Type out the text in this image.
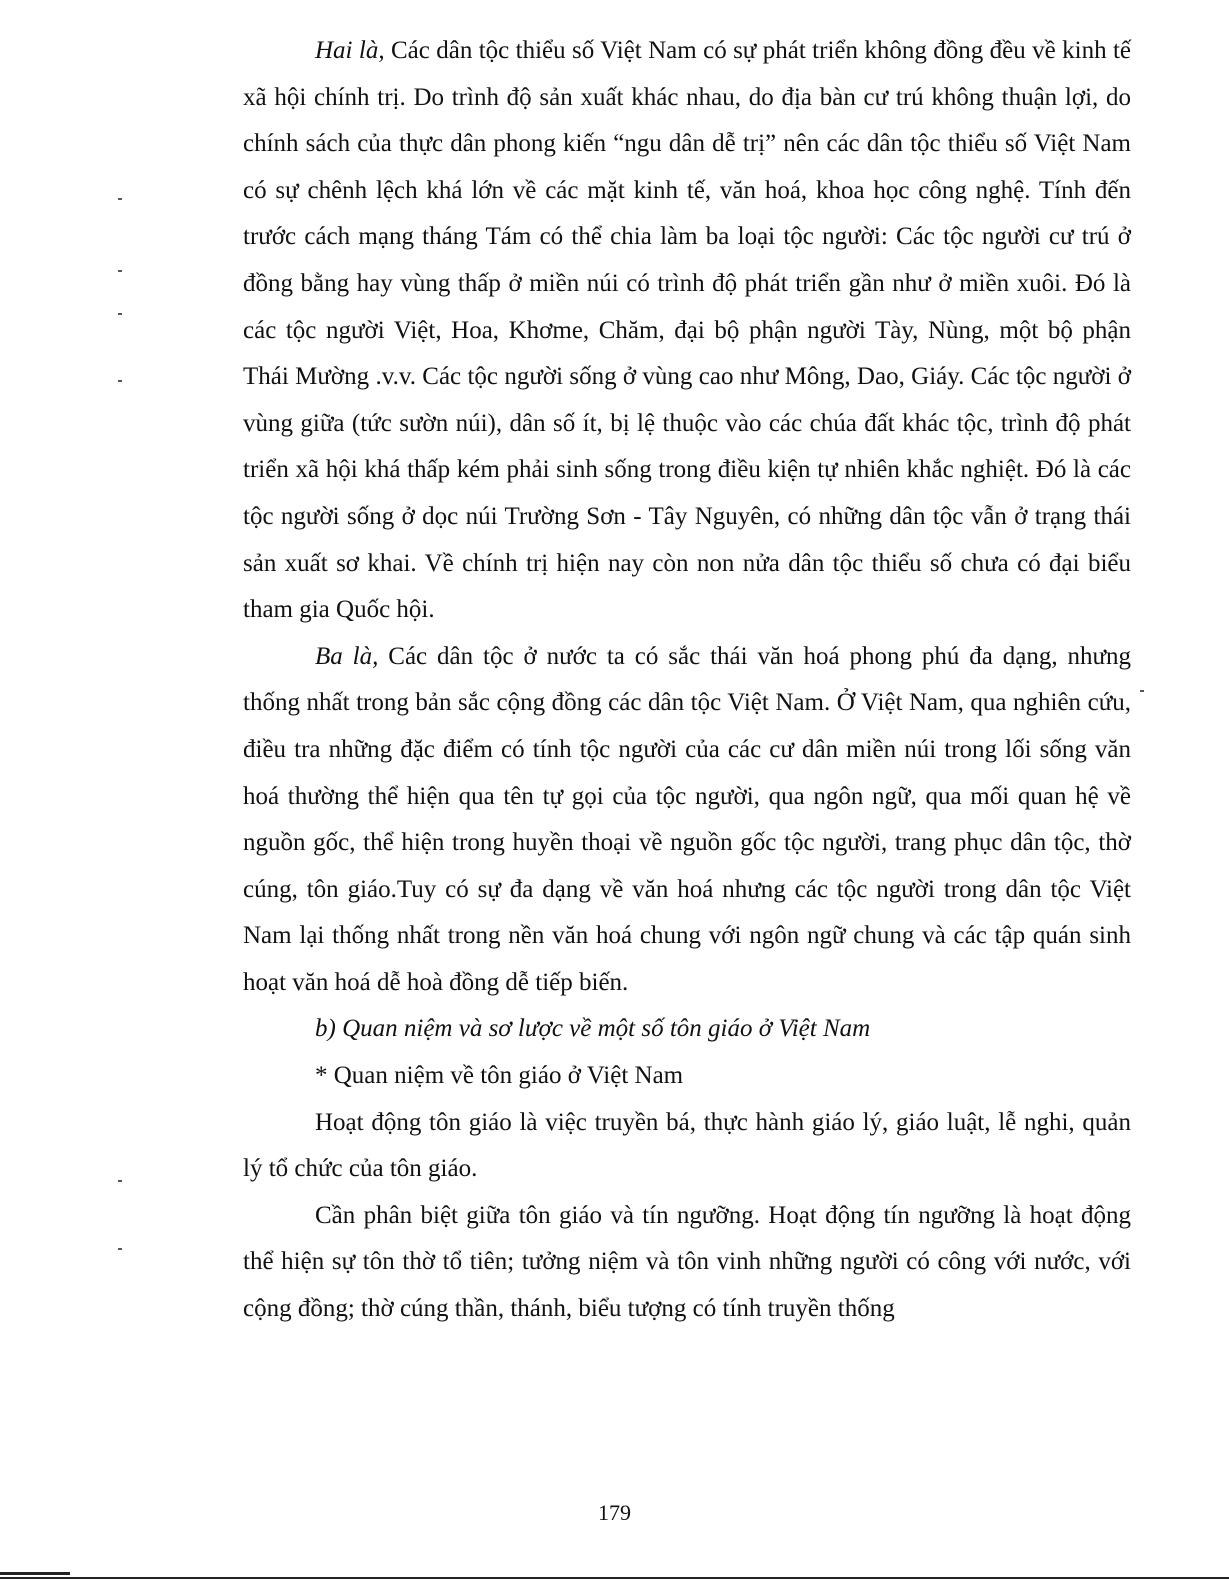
Hai là, Các dân tộc thiểu số Việt Nam có sự phát triển không đồng đều về kinh tế xã hội chính trị. Do trình độ sản xuất khác nhau, do địa bàn cư trú không thuận lợi, do chính sách của thực dân phong kiến “ngu dân dễ trị” nên các dân tộc thiểu số Việt Nam có sự chênh lệch khá lớn về các mặt kinh tế, văn hoá, khoa học công nghệ. Tính đến trước cách mạng tháng Tám có thể chia làm ba loại tộc người: Các tộc người cư trú ở đồng bằng hay vùng thấp ở miền núi có trình độ phát triển gần như ở miền xuôi. Đó là các tộc người Việt, Hoa, Khơme, Chăm, đại bộ phận người Tày, Nùng, một bộ phận Thái Mường .v.v. Các tộc người sống ở vùng cao như Mông, Dao, Giáy. Các tộc người ở vùng giữa (tức sườn núi), dân số ít, bị lệ thuộc vào các chúa đất khác tộc, trình độ phát triển xã hội khá thấp kém phải sinh sống trong điều kiện tự nhiên khắc nghiệt. Đó là các tộc người sống ở dọc núi Trường Sơn - Tây Nguyên, có những dân tộc vẫn ở trạng thái sản xuất sơ khai. Về chính trị hiện nay còn non nửa dân tộc thiểu số chưa có đại biểu tham gia Quốc hội.

Ba là, Các dân tộc ở nước ta có sắc thái văn hoá phong phú đa dạng, nhưng thống nhất trong bản sắc cộng đồng các dân tộc Việt Nam. Ở Việt Nam, qua nghiên cứu, điều tra những đặc điểm có tính tộc người của các cư dân miền núi trong lối sống văn hoá thường thể hiện qua tên tự gọi của tộc người, qua ngôn ngữ, qua mối quan hệ về nguồn gốc, thể hiện trong huyền thoại về nguồn gốc tộc người, trang phục dân tộc, thờ cúng, tôn giáo.Tuy có sự đa dạng về văn hoá nhưng các tộc người trong dân tộc Việt Nam lại thống nhất trong nền văn hoá chung với ngôn ngữ chung và các tập quán sinh hoạt văn hoá dễ hoà đồng dễ tiếp biến.

b) Quan niệm và sơ lược về một số tôn giáo ở Việt Nam

* Quan niệm về tôn giáo ở Việt Nam

Hoạt động tôn giáo là việc truyền bá, thực hành giáo lý, giáo luật, lễ nghi, quản lý tổ chức của tôn giáo.

Cần phân biệt giữa tôn giáo và tín ngưỡng. Hoạt động tín ngưỡng là hoạt động thể hiện sự tôn thờ tổ tiên; tưởng niệm và tôn vinh những người có công với nước, với cộng đồng; thờ cúng thần, thánh, biểu tượng có tính truyền thống

179
